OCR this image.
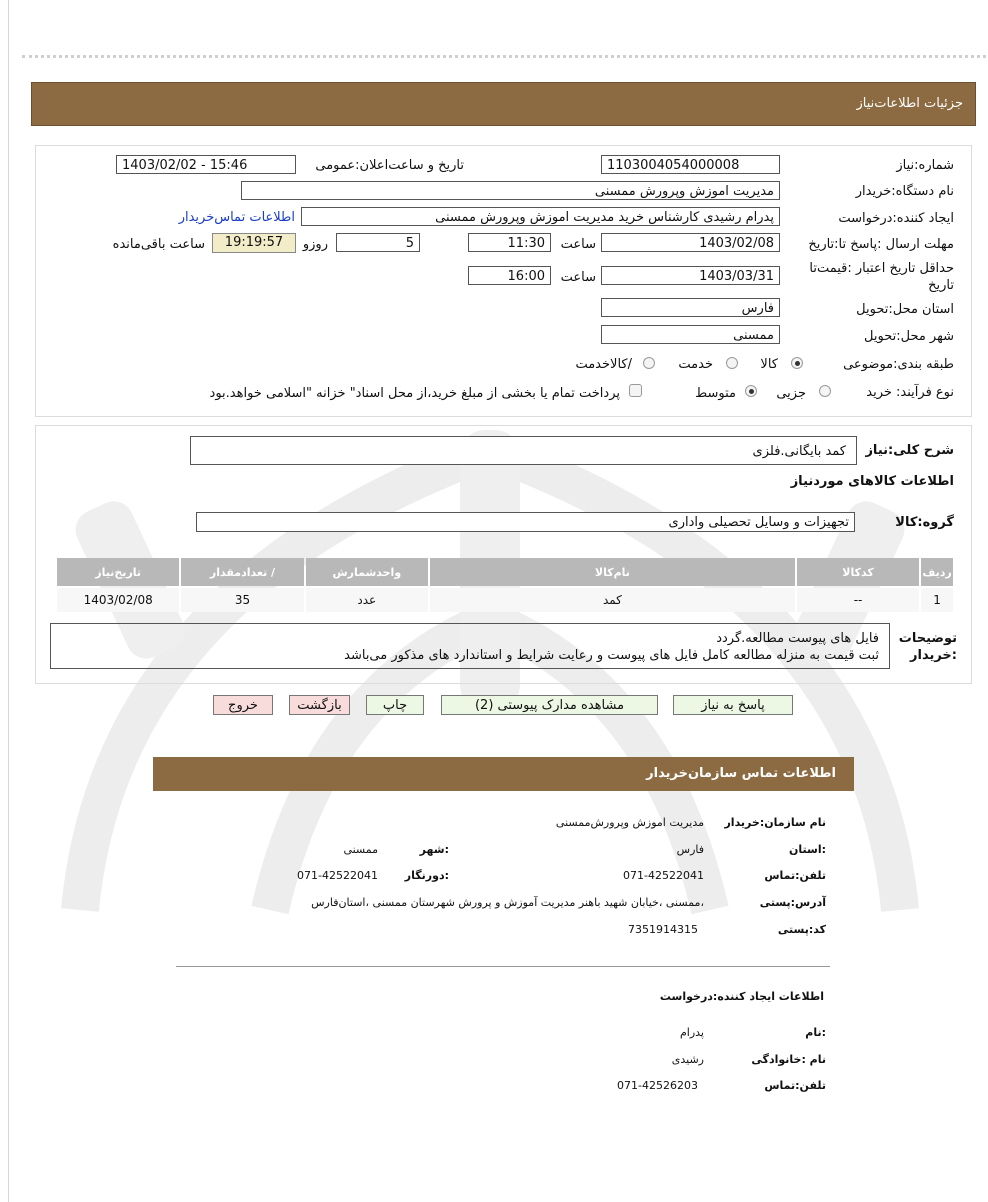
جزئیات اطلاعات‌نیاز
شماره:نیاز
1103004054000008
تاریخ و ساعت‌اعلان:عمومی
1403/02/02 - 15:46
نام دستگاه:خریدار
مدیریت اموزش وپرورش ممسنی
ایجاد کننده:درخواست
پدرام رشیدی کارشناس خرید مدیریت اموزش وپرورش ممسنی
اطلاعات تماس‌خریدار
مهلت ارسال :پاسخ تا:تاریخ
1403/02/08
ساعت
11:30
5
روزو
19:19:57
ساعت باقی‌مانده
حداقل تاریخ اعتبار :قیمت‌تا تاریخ
1403/03/31
ساعت
16:00
استان محل:تحویل
فارس
شهر محل:تحویل
ممسنی
طبقه بندی:موضوعی
کالا
خدمت
/کالاخدمت
نوع فرآیند: خرید
جزیی
متوسط
پرداخت تمام یا بخشی از مبلغ خرید،از محل اسناد" خزانه "اسلامی خواهد.بود
شرح کلی:نیاز
کمد بایگانی.فلزی
اطلاعات کالاهای موردنیاز
گروه:کالا
تجهیزات و وسایل تحصیلی واداری
ردیف	کدکالا	نام‌کالا	واحدشمارش	/ تعدادمقدار	تاریخ‌نیاز
1	--	کمد	عدد	35	1403/02/08
توضیحات
:خریدار
فایل های پیوست مطالعه.گردد
ثبت قیمت به منزله مطالعه کامل فایل های پیوست و رعایت شرایط و استاندارد های مذکور می‌باشد
پاسخ به نیاز
مشاهده مدارک پیوستی (2)
چاپ
بازگشت
خروج
اطلاعات تماس سازمان‌خریدار
نام سازمان:خریدار
مدیریت اموزش وپرورش‌ممسنی
:استان
فارس
:شهر
ممسنی
تلفن:تماس
071-42522041
:دورنگار
071-42522041
آدرس:پستی
،ممسنی ،خیابان شهید باهنر مدیریت آموزش و پرورش شهرستان ممسنی ،استان‌فارس
کد:پستی
7351914315
اطلاعات ایجاد کننده:درخواست
:نام
پدرام
نام :خانوادگی
رشیدی
تلفن:تماس
071-42526203
